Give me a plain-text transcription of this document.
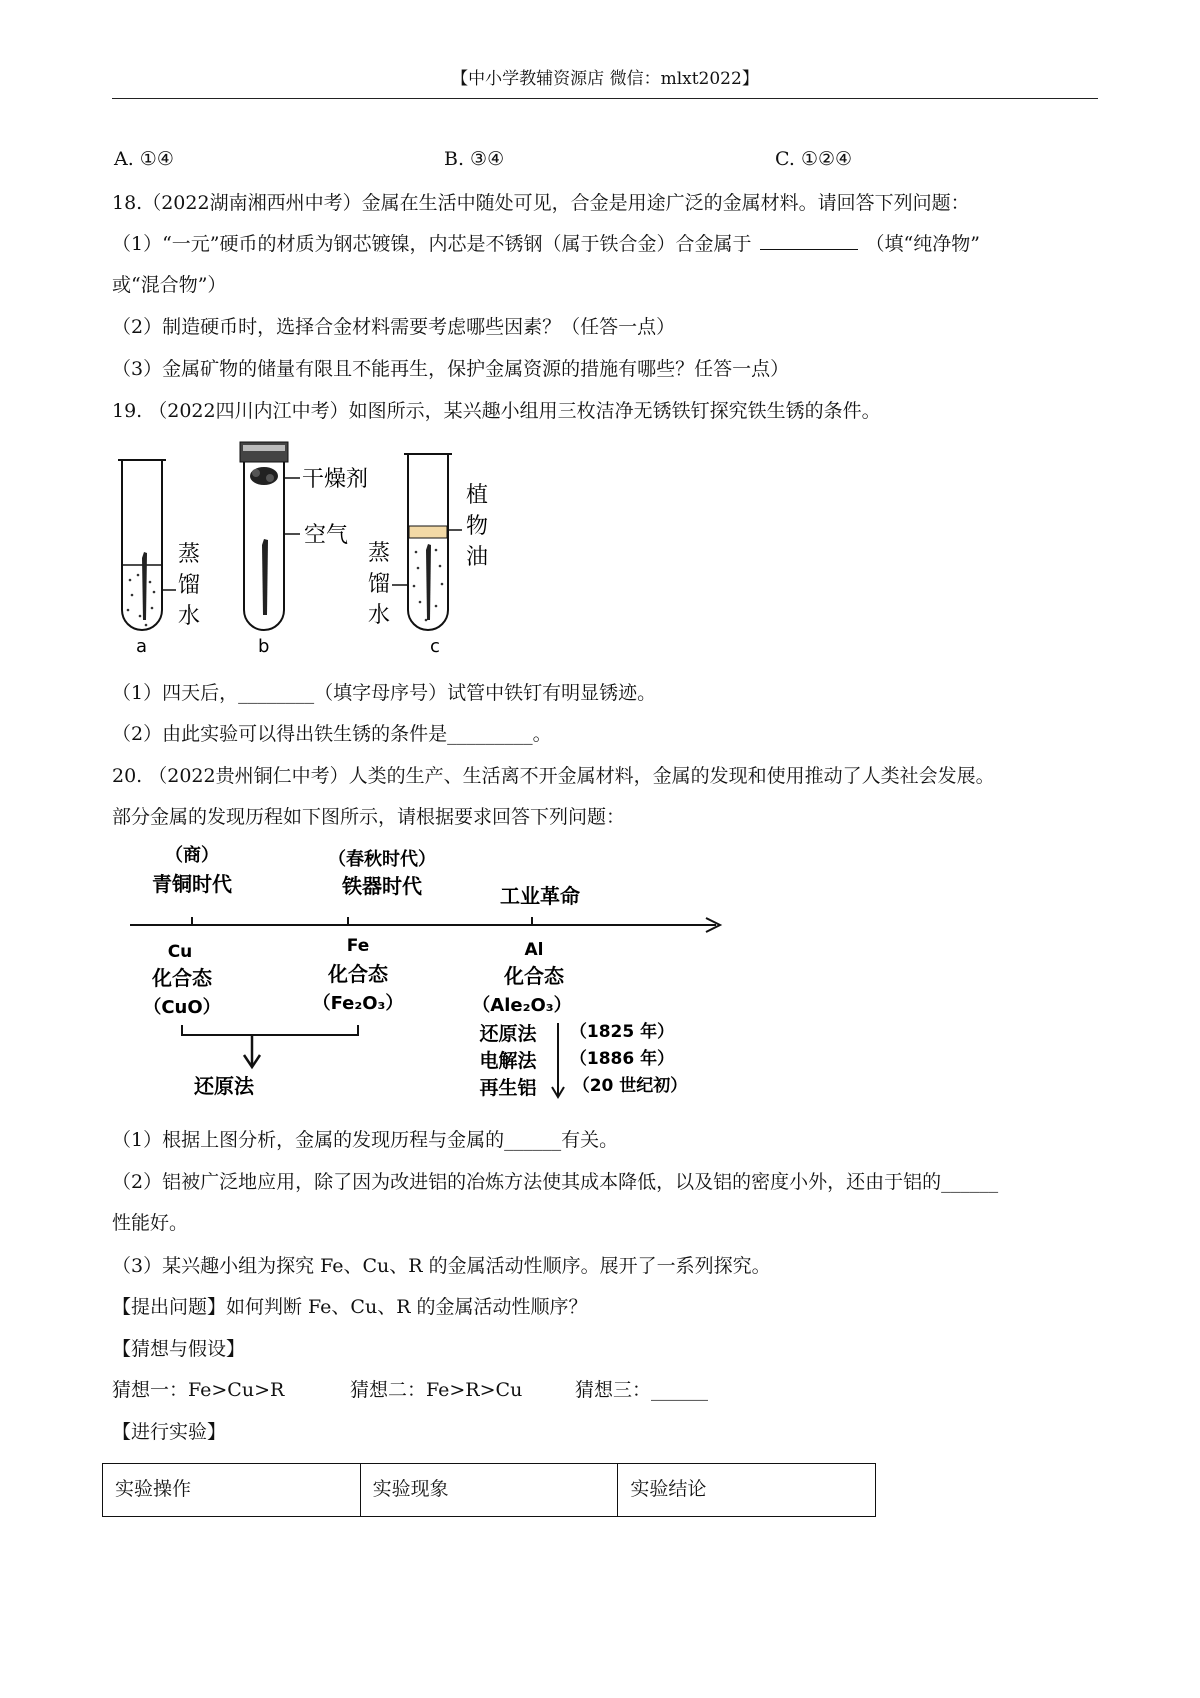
【中小学教辅资源店 微信：mlxt2022】
A. ①④	B. ③④	C. ①②④
18.（2022湖南湘西州中考）金属在生活中随处可见，合金是用途广泛的金属材料。请回答下列问题：
（1）“一元”硬币的材质为钢芯镀镍，内芯是不锈钢（属于铁合金）合金属于	（填“纯净物”
或“混合物”）
（2）制造硬币时，选择合金材料需要考虑哪些因素？（任答一点）
（3）金属矿物的储量有限且不能再生，保护金属资源的措施有哪些？任答一点）
19. （2022四川内江中考）如图所示，某兴趣小组用三枚洁净无锈铁钉探究铁生锈的条件。
蒸
馏
水
a
干燥剂
空气
b
植
物
油
蒸
馏
水
c
（1）四天后，________（填字母序号）试管中铁钉有明显锈迹。
（2）由此实验可以得出铁生锈的条件是_________。
20. （2022贵州铜仁中考）人类的生产、生活离不开金属材料，金属的发现和使用推动了人类社会发展。
部分金属的发现历程如下图所示，请根据要求回答下列问题：
（商）
青铜时代
（春秋时代）
铁器时代	工业革命
Cu
化合态
（CuO）
Fe
化合态
（Fe₂O₃）
还原法
Al
化合态
（Ale₂O₃）
还原法
电解法
再生铝
（1825 年）
（1886 年）
（20 世纪初）
（1）根据上图分析，金属的发现历程与金属的______有关。
（2）铝被广泛地应用，除了因为改进铝的冶炼方法使其成本降低，以及铝的密度小外，还由于铝的______
性能好。
（3）某兴趣小组为探究 Fe、Cu、R 的金属活动性顺序。展开了一系列探究。
【提出问题】如何判断 Fe、Cu、R 的金属活动性顺序？
【猜想与假设】
猜想一：Fe>Cu>R	猜想二：Fe>R>Cu	猜想三：______
【进行实验】
实验操作	实验现象	实验结论
